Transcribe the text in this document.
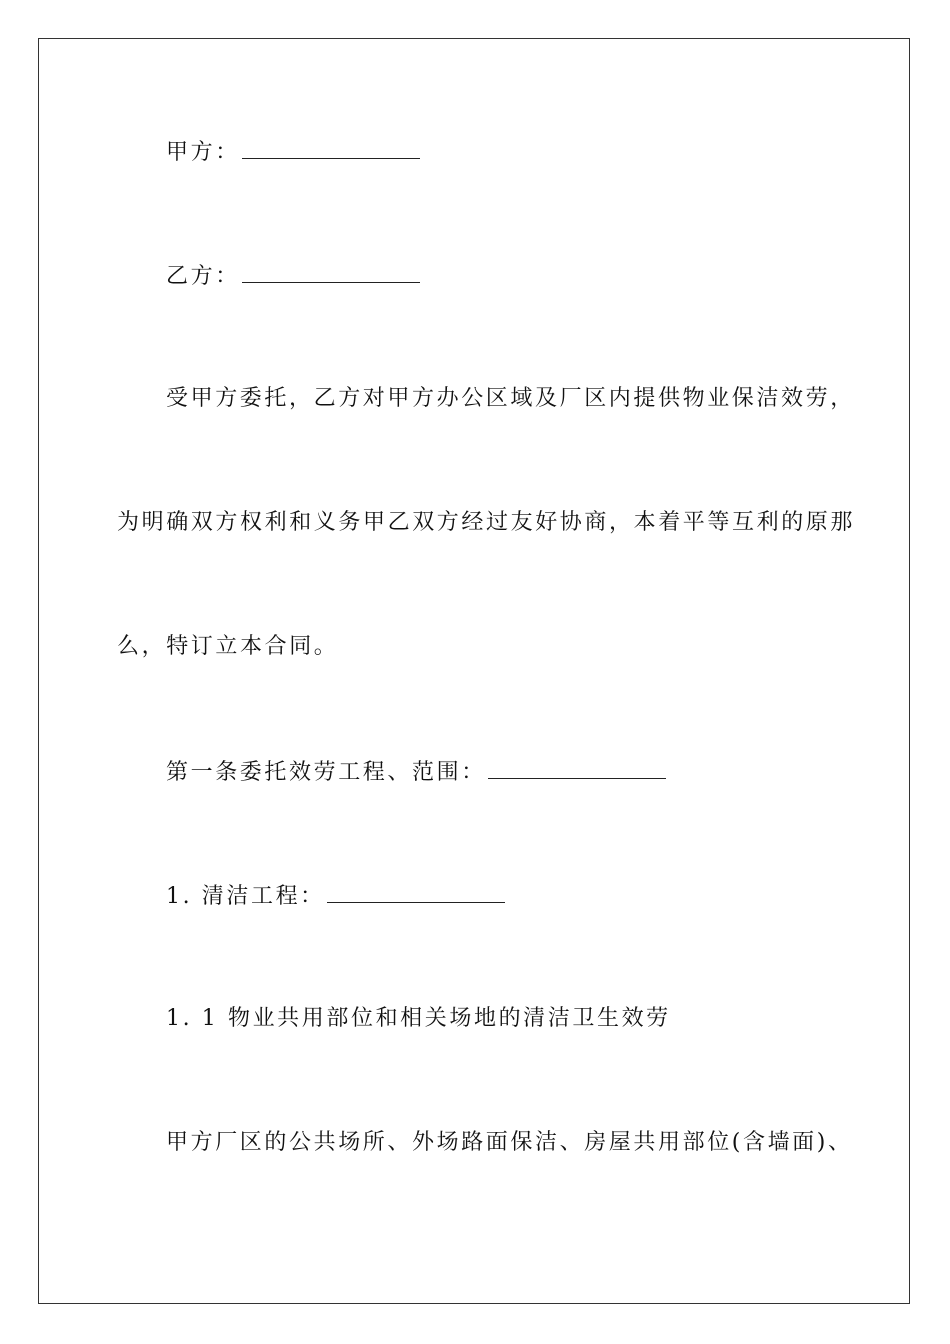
甲方：
乙方：
受甲方委托，乙方对甲方办公区域及厂区内提供物业保洁效劳，
为明确双方权利和义务甲乙双方经过友好协商，本着平等互利的原那
么，特订立本合同。
第一条委托效劳工程、范围：
1. 清洁工程：
1. 1 物业共用部位和相关场地的清洁卫生效劳
甲方厂区的公共场所、外场路面保洁、房屋共用部位(含墙面)、
